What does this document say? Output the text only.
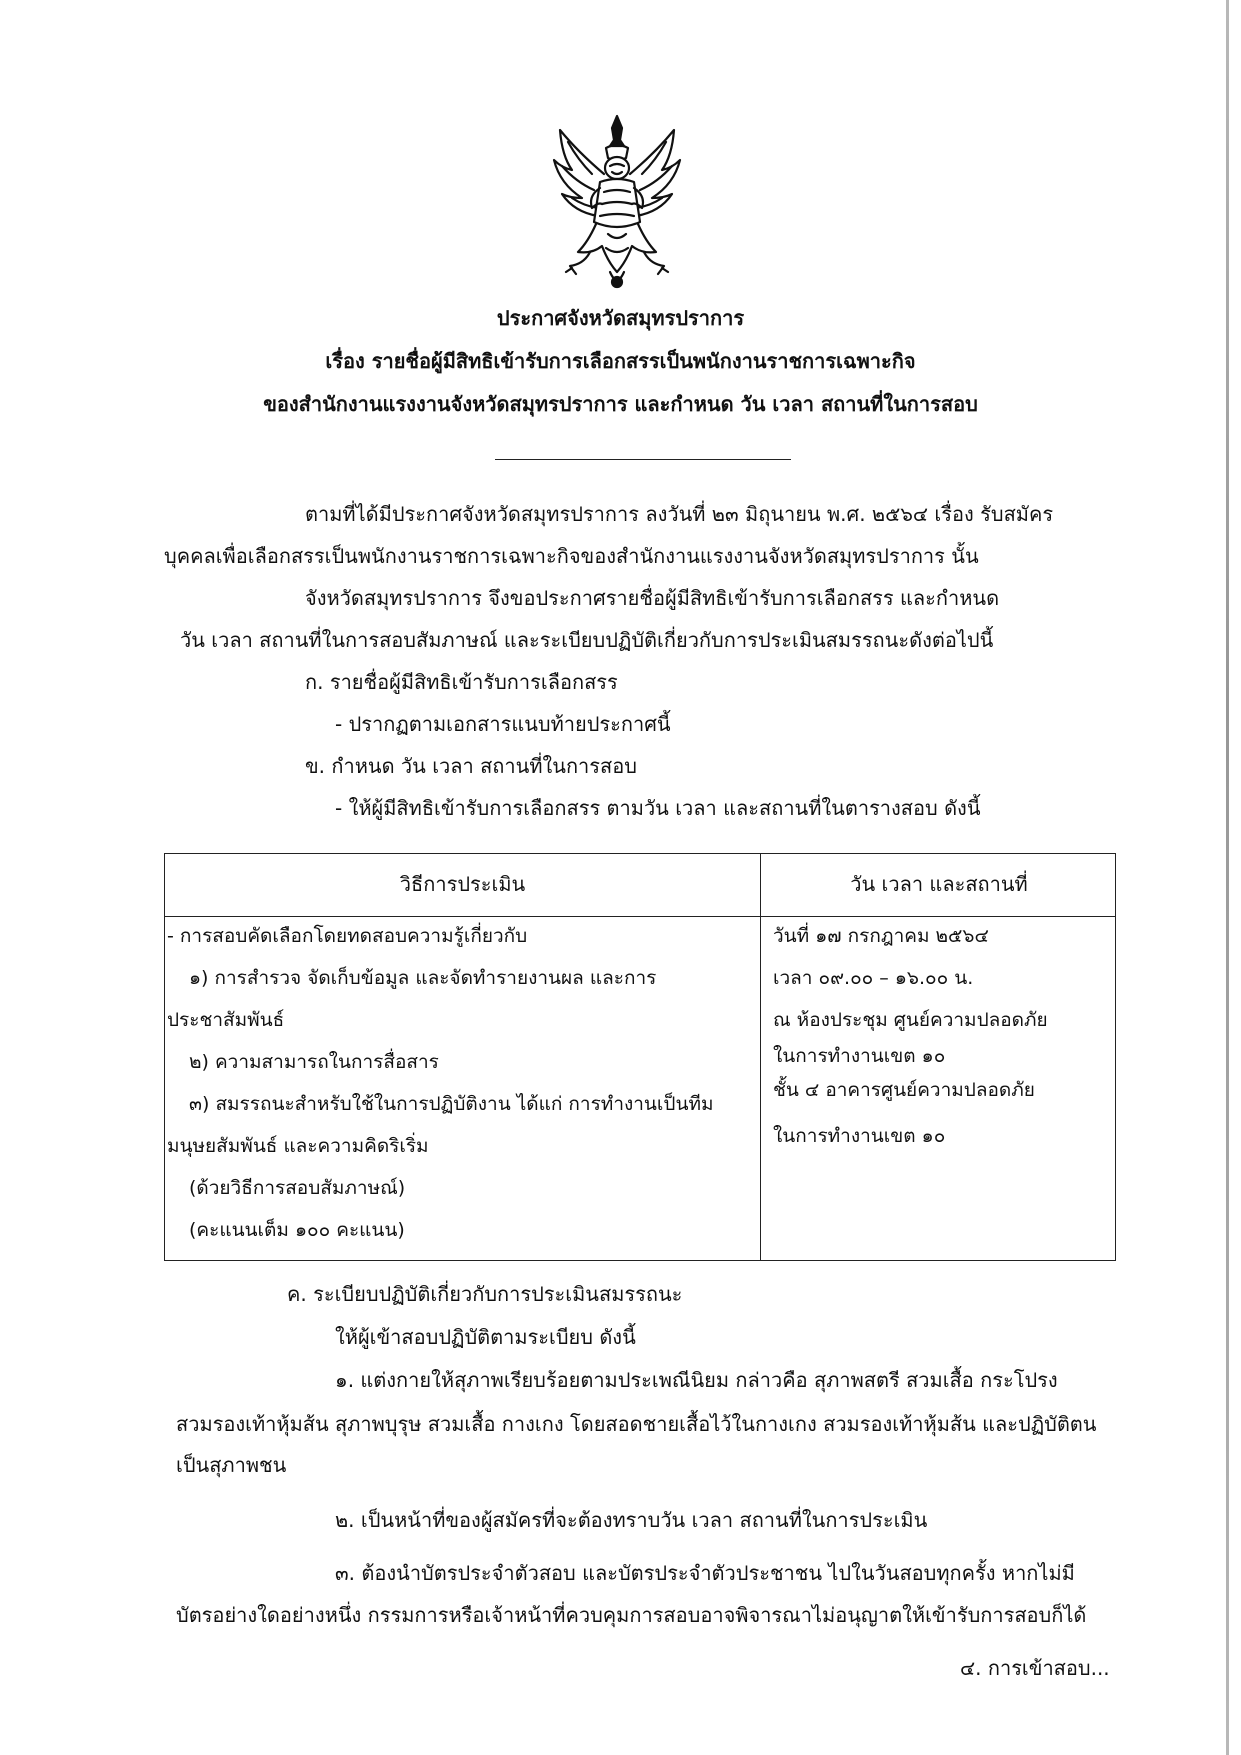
ประกาศจังหวัดสมุทรปราการ
เรื่อง รายชื่อผู้มีสิทธิเข้ารับการเลือกสรรเป็นพนักงานราชการเฉพาะกิจ
ของสำนักงานแรงงานจังหวัดสมุทรปราการ และกำหนด วัน เวลา สถานที่ในการสอบ
ตามที่ได้มีประกาศจังหวัดสมุทรปราการ ลงวันที่ ๒๓ มิถุนายน พ.ศ. ๒๕๖๔ เรื่อง รับสมัคร
บุคคลเพื่อเลือกสรรเป็นพนักงานราชการเฉพาะกิจของสำนักงานแรงงานจังหวัดสมุทรปราการ นั้น
จังหวัดสมุทรปราการ จึงขอประกาศรายชื่อผู้มีสิทธิเข้ารับการเลือกสรร และกำหนด
วัน เวลา สถานที่ในการสอบสัมภาษณ์ และระเบียบปฏิบัติเกี่ยวกับการประเมินสมรรถนะดังต่อไปนี้
ก. รายชื่อผู้มีสิทธิเข้ารับการเลือกสรร
- ปรากฏตามเอกสารแนบท้ายประกาศนี้
ข. กำหนด วัน เวลา สถานที่ในการสอบ
- ให้ผู้มีสิทธิเข้ารับการเลือกสรร ตามวัน เวลา และสถานที่ในตารางสอบ ดังนี้
วิธีการประเมิน	วัน เวลา และสถานที่
- การสอบคัดเลือกโดยทดสอบความรู้เกี่ยวกับ
๑) การสำรวจ จัดเก็บข้อมูล และจัดทำรายงานผล และการ
ประชาสัมพันธ์
๒) ความสามารถในการสื่อสาร
๓) สมรรถนะสำหรับใช้ในการปฏิบัติงาน ได้แก่ การทำงานเป็นทีม
มนุษยสัมพันธ์ และความคิดริเริ่ม
(ด้วยวิธีการสอบสัมภาษณ์)
(คะแนนเต็ม ๑๐๐ คะแนน)
วันที่ ๑๗ กรกฎาคม ๒๕๖๔
เวลา ๐๙.๐๐ – ๑๖.๐๐ น.
ณ ห้องประชุม ศูนย์ความปลอดภัย
ในการทำงานเขต ๑๐
ชั้น ๔ อาคารศูนย์ความปลอดภัย
ในการทำงานเขต ๑๐
ค. ระเบียบปฏิบัติเกี่ยวกับการประเมินสมรรถนะ
ให้ผู้เข้าสอบปฏิบัติตามระเบียบ ดังนี้
๑. แต่งกายให้สุภาพเรียบร้อยตามประเพณีนิยม กล่าวคือ สุภาพสตรี สวมเสื้อ กระโปรง
สวมรองเท้าหุ้มส้น สุภาพบุรุษ สวมเสื้อ กางเกง โดยสอดชายเสื้อไว้ในกางเกง สวมรองเท้าหุ้มส้น และปฏิบัติตน
เป็นสุภาพชน
๒. เป็นหน้าที่ของผู้สมัครที่จะต้องทราบวัน เวลา สถานที่ในการประเมิน
๓. ต้องนำบัตรประจำตัวสอบ และบัตรประจำตัวประชาชน ไปในวันสอบทุกครั้ง หากไม่มี
บัตรอย่างใดอย่างหนึ่ง กรรมการหรือเจ้าหน้าที่ควบคุมการสอบอาจพิจารณาไม่อนุญาตให้เข้ารับการสอบก็ได้
๔. การเข้าสอบ...
